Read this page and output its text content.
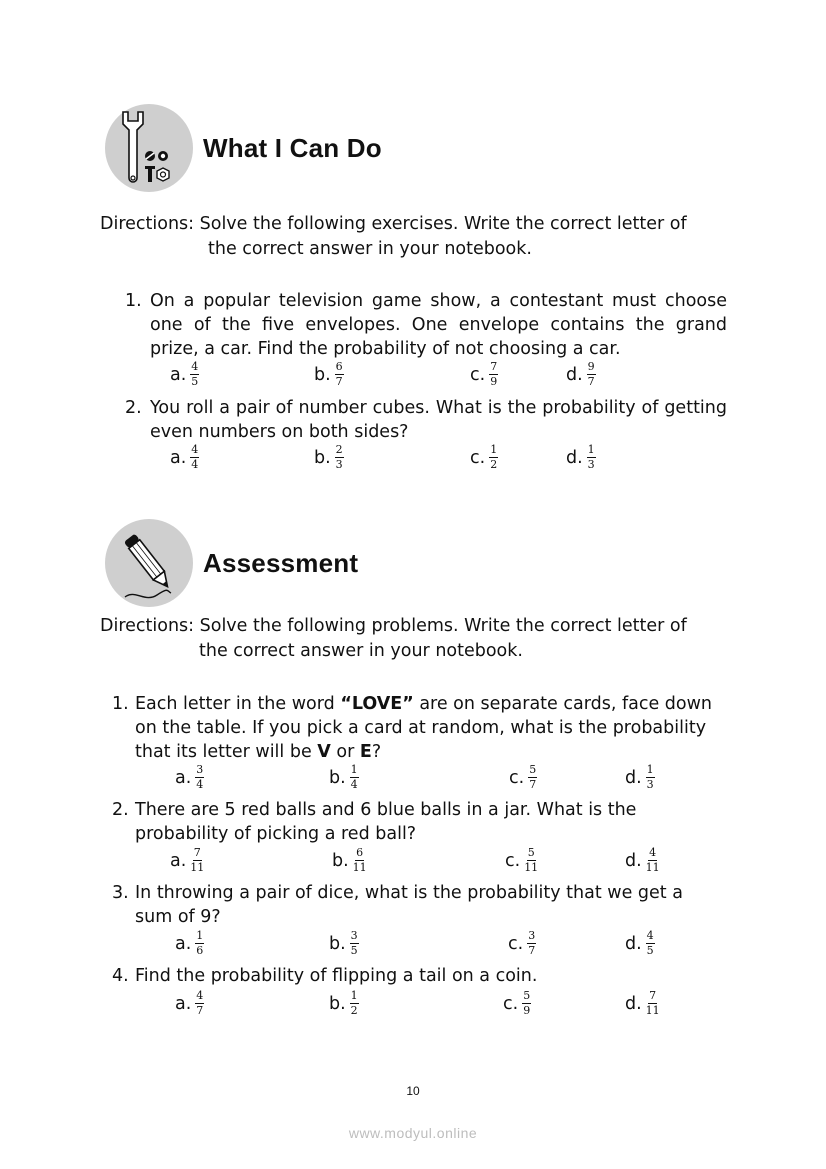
What I Can Do
Directions: Solve the following exercises. Write the correct letter of
the correct answer in your notebook.
1. On a popular television game show, a contestant must choose one of the five envelopes. One envelope contains the grand prize, a car. Find the probability of not choosing a car.
a. $\frac{4}{5}$	b. $\frac{6}{7}$	c. $\frac{7}{9}$	d. $\frac{9}{7}$
2. You roll a pair of number cubes. What is the probability of getting even numbers on both sides?
a. $\frac{4}{4}$	b. $\frac{2}{3}$	c. $\frac{1}{2}$	d. $\frac{1}{3}$
Assessment
Directions: Solve the following problems. Write the correct letter of
the correct answer in your notebook.
1. Each letter in the word “LOVE” are on separate cards, face down on the table. If you pick a card at random, what is the probability that its letter will be V or E?
a. $\frac{3}{4}$	b. $\frac{1}{4}$	c. $\frac{5}{7}$	d. $\frac{1}{3}$
2. There are 5 red balls and 6 blue balls in a jar. What is the probability of picking a red ball?
a. $\frac{7}{11}$	b. $\frac{6}{11}$	c. $\frac{5}{11}$	d. $\frac{4}{11}$
3. In throwing a pair of dice, what is the probability that we get a sum of 9?
a. $\frac{1}{6}$	b. $\frac{3}{5}$	c. $\frac{3}{7}$	d. $\frac{4}{5}$
4. Find the probability of flipping a tail on a coin.
a. $\frac{4}{7}$	b. $\frac{1}{2}$	c. $\frac{5}{9}$	d. $\frac{7}{11}$
10
www.modyul.online
